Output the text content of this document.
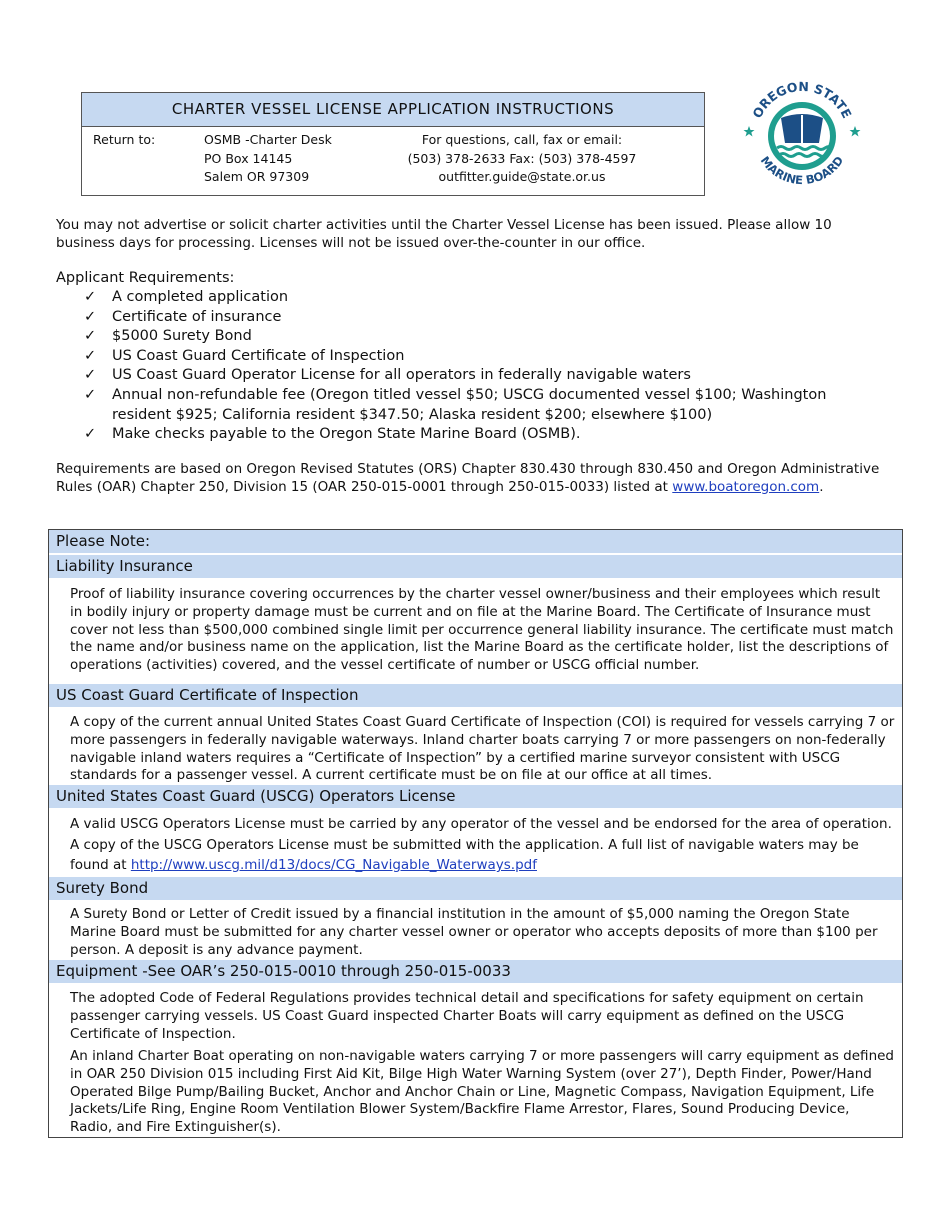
CHARTER VESSEL LICENSE APPLICATION INSTRUCTIONS
Return to:	OSMB -Charter Desk
PO Box 14145
Salem OR 97309
For questions, call, fax or email:
(503) 378-2633 Fax: (503) 378-4597
outfitter.guide@state.or.us
OREGON STATE
MARINE BOARD
You may not advertise or solicit charter activities until the Charter Vessel License has been issued. Please allow 10 business days for processing. Licenses will not be issued over-the-counter in our office.
Applicant Requirements:
✓ A completed application
✓ Certificate of insurance
✓ $5000 Surety Bond
✓ US Coast Guard Certificate of Inspection
✓ US Coast Guard Operator License for all operators in federally navigable waters
✓ Annual non-refundable fee (Oregon titled vessel $50; USCG documented vessel $100; Washington resident $925; California resident $347.50; Alaska resident $200; elsewhere $100)
✓ Make checks payable to the Oregon State Marine Board (OSMB).
Requirements are based on Oregon Revised Statutes (ORS) Chapter 830.430 through 830.450 and Oregon Administrative Rules (OAR) Chapter 250, Division 15 (OAR 250-015-0001 through 250-015-0033) listed at www.boatoregon.com.
Please Note:
Liability Insurance
Proof of liability insurance covering occurrences by the charter vessel owner/business and their employees which result in bodily injury or property damage must be current and on file at the Marine Board. The Certificate of Insurance must cover not less than $500,000 combined single limit per occurrence general liability insurance. The certificate must match the name and/or business name on the application, list the Marine Board as the certificate holder, list the descriptions of operations (activities) covered, and the vessel certificate of number or USCG official number.
US Coast Guard Certificate of Inspection
A copy of the current annual United States Coast Guard Certificate of Inspection (COI) is required for vessels carrying 7 or more passengers in federally navigable waterways. Inland charter boats carrying 7 or more passengers on non-federally navigable inland waters requires a “Certificate of Inspection” by a certified marine surveyor consistent with USCG standards for a passenger vessel. A current certificate must be on file at our office at all times.
United States Coast Guard (USCG) Operators License
A valid USCG Operators License must be carried by any operator of the vessel and be endorsed for the area of operation. A copy of the USCG Operators License must be submitted with the application. A full list of navigable waters may be found at http://www.uscg.mil/d13/docs/CG_Navigable_Waterways.pdf
Surety Bond
A Surety Bond or Letter of Credit issued by a financial institution in the amount of $5,000 naming the Oregon State Marine Board must be submitted for any charter vessel owner or operator who accepts deposits of more than $100 per person. A deposit is any advance payment.
Equipment -See OAR’s 250-015-0010 through 250-015-0033
The adopted Code of Federal Regulations provides technical detail and specifications for safety equipment on certain passenger carrying vessels. US Coast Guard inspected Charter Boats will carry equipment as defined on the USCG Certificate of Inspection.
An inland Charter Boat operating on non-navigable waters carrying 7 or more passengers will carry equipment as defined in OAR 250 Division 015 including First Aid Kit, Bilge High Water Warning System (over 27’), Depth Finder, Power/Hand Operated Bilge Pump/Bailing Bucket, Anchor and Anchor Chain or Line, Magnetic Compass, Navigation Equipment, Life Jackets/Life Ring, Engine Room Ventilation Blower System/Backfire Flame Arrestor, Flares, Sound Producing Device, Radio, and Fire Extinguisher(s).
